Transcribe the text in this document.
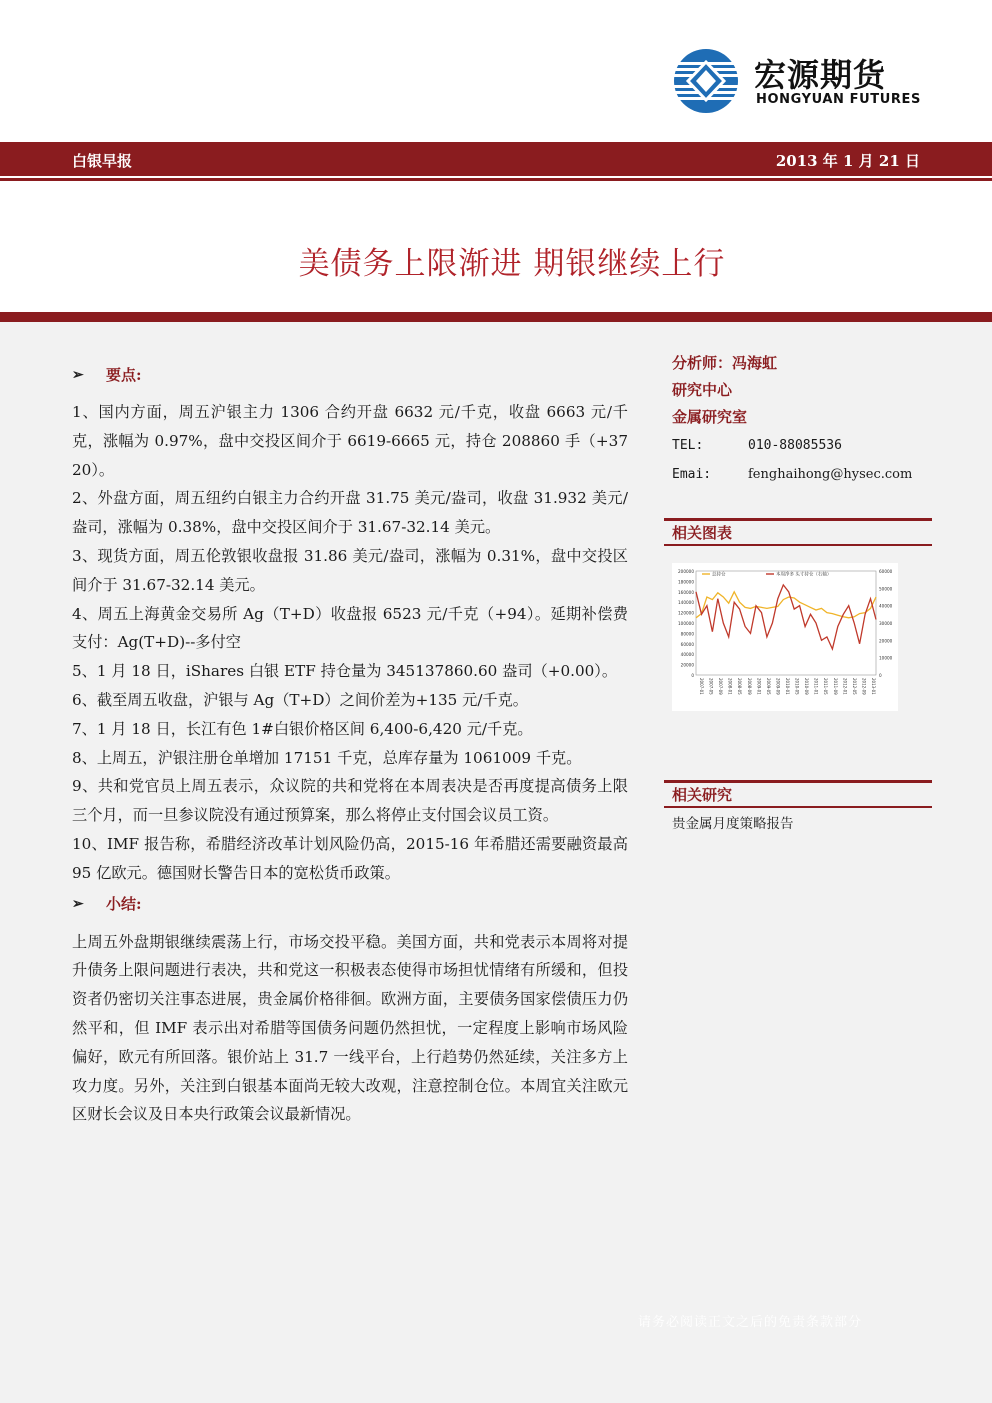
宏源期货
HONGYUAN FUTURES
白银早报	2013 年 1 月 21 日
美债务上限渐进 期银继续上行
➢	要点:
1、国内方面，周五沪银主力 1306 合约开盘 6632 元/千克，收盘 6663 元/千克，涨幅为 0.97%，盘中交投区间介于 6619-6665 元，持仓 208860 手（+3720）。
2、外盘方面，周五纽约白银主力合约开盘 31.75 美元/盎司，收盘 31.932 美元/盎司，涨幅为 0.38%，盘中交投区间介于 31.67-32.14 美元。
3、现货方面，周五伦敦银收盘报 31.86 美元/盎司，涨幅为 0.31%，盘中交投区间介于 31.67-32.14 美元。
4、周五上海黄金交易所 Ag（T+D）收盘报 6523 元/千克（+94）。延期补偿费支付：Ag(T+D)--多付空
5、1 月 18 日，iShares 白银 ETF 持仓量为 345137860.60 盎司（+0.00）。
6、截至周五收盘，沪银与 Ag（T+D）之间价差为+135 元/千克。
7、1 月 18 日，长江有色 1#白银价格区间 6,400-6,420 元/千克。
8、上周五，沪银注册仓单增加 17151 千克，总库存量为 1061009 千克。
9、共和党官员上周五表示，众议院的共和党将在本周表决是否再度提高债务上限三个月，而一旦参议院没有通过预算案，那么将停止支付国会议员工资。
10、IMF 报告称，希腊经济改革计划风险仍高，2015-16 年希腊还需要融资最高 95 亿欧元。德国财长警告日本的宽松货币政策。
➢	小结:
上周五外盘期银继续震荡上行，市场交投平稳。美国方面，共和党表示本周将对提升债务上限问题进行表决，共和党这一积极表态使得市场担忧情绪有所缓和，但投资者仍密切关注事态进展，贵金属价格徘徊。欧洲方面，主要债务国家偿债压力仍然平和，但 IMF 表示出对希腊等国债务问题仍然担忧，一定程度上影响市场风险偏好，欧元有所回落。银价站上 31.7 一线平台，上行趋势仍然延续，关注多方上攻力度。另外，关注到白银基本面尚无较大改观，注意控制仓位。本周宜关注欧元区财长会议及日本央行政策会议最新情况。
分析师：冯海虹
研究中心
金属研究室
TEL:	010-88085536
Emai:	fenghaihong@hysec.com
相关图表
200000
180000
160000
140000
120000
100000
80000
60000
40000
20000
0
60000
50000
40000
30000
20000
10000
0
2007-01 2007-05 2007-09 2008-01 2008-05 2008-09 2009-01 2009-05 2009-09 2010-01 2010-05 2010-09 2011-01 2011-05 2011-09 2012-01 2012-05 2012-09 2013-01
总持仓	本周净多 头寸持仓（右轴）
相关研究
贵金属月度策略报告
请务必阅读正文之后的免责条款部分
